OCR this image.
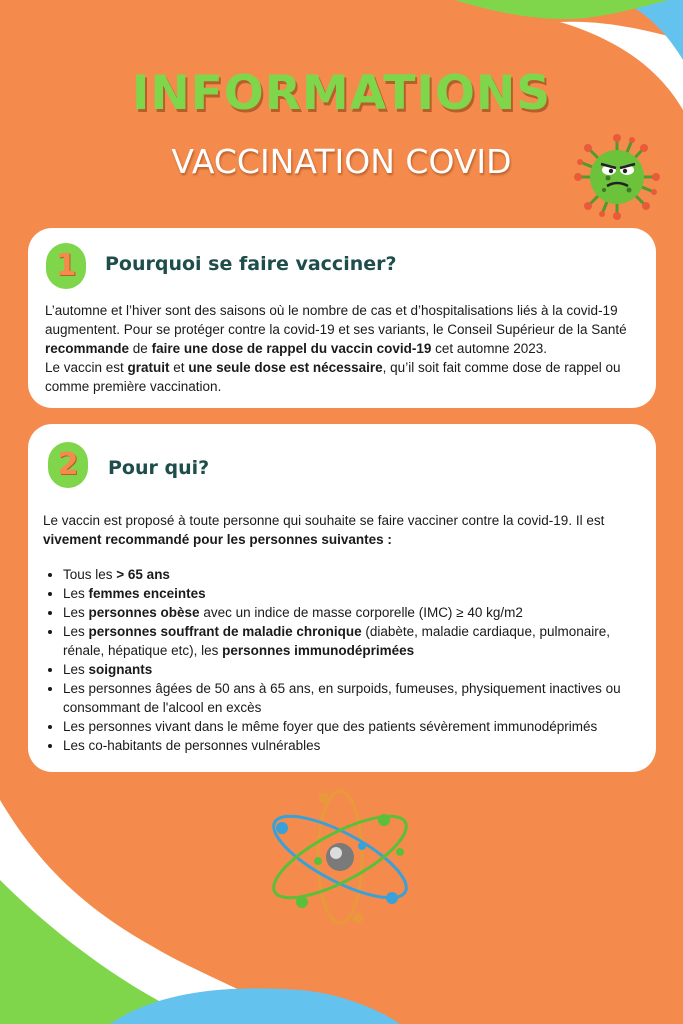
INFORMATIONS
VACCINATION COVID
1	Pourquoi se faire vacciner?
L’automne et l’hiver sont des saisons où le nombre de cas et d’hospitalisations liés à la covid-19 augmentent. Pour se protéger contre la covid-19 et ses variants, le Conseil Supérieur de la Santé recommande de faire une dose de rappel du vaccin covid-19 cet automne 2023.
Le vaccin est gratuit et une seule dose est nécessaire, qu’il soit fait comme dose de rappel ou comme première vaccination.
2	Pour qui?
Le vaccin est proposé à toute personne qui souhaite se faire vacciner contre la covid-19. Il est vivement recommandé pour les personnes suivantes :
• Tous les > 65 ans
• Les femmes enceintes
• Les personnes obèse avec un indice de masse corporelle (IMC) ≥ 40 kg/m2
• Les personnes souffrant de maladie chronique (diabète, maladie cardiaque, pulmonaire, rénale, hépatique etc), les personnes immunodéprimées
• Les soignants
• Les personnes âgées de 50 ans à 65 ans, en surpoids, fumeuses, physiquement inactives ou consommant de l'alcool en excès
• Les personnes vivant dans le même foyer que des patients sévèrement immunodéprimés
• Les co-habitants de personnes vulnérables
